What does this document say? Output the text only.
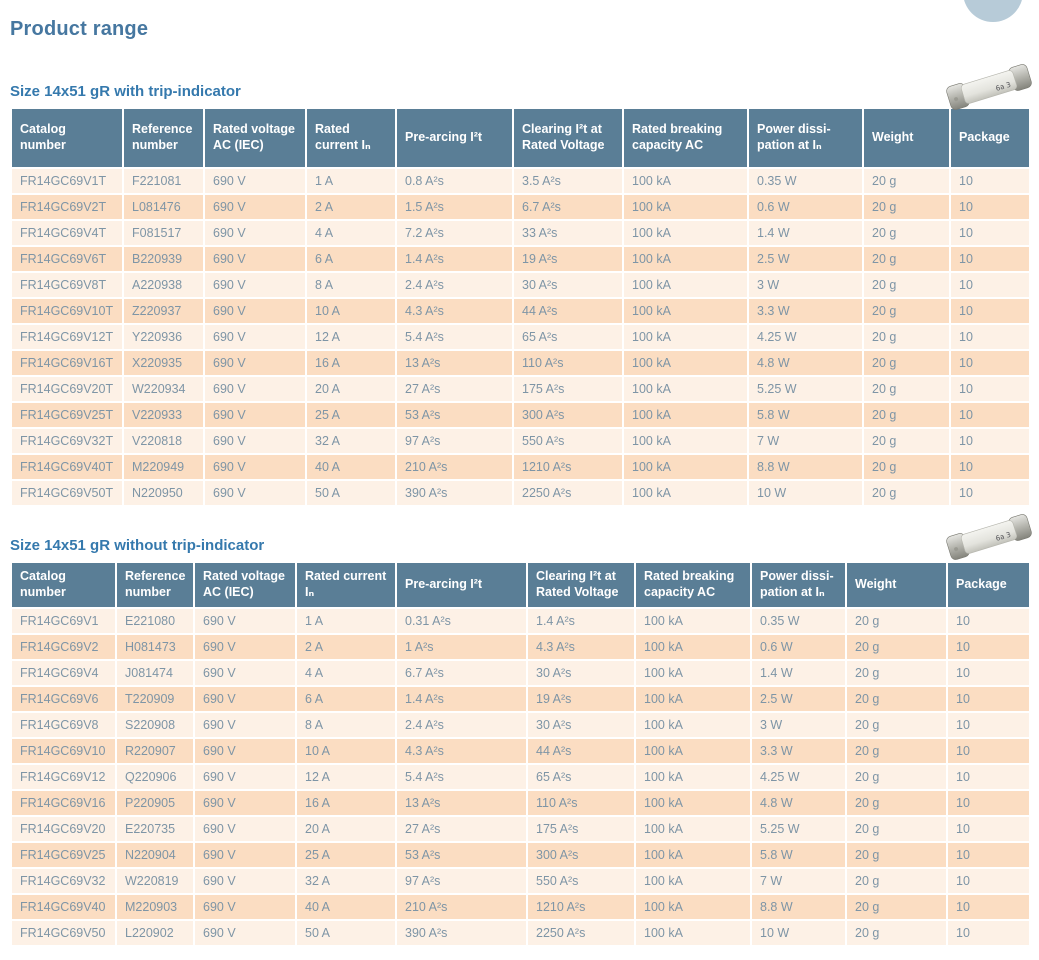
Product range
6a 3
Size 14x51 gR with trip-indicator
Catalog number	Reference number	Rated voltage AC (IEC)	Rated current Iₙ	Pre-arcing I²t	Clearing I²t at Rated Voltage	Rated breaking capacity AC	Power dissi-pation at Iₙ	Weight	Package
FR14GC69V1T	F221081	690 V	1 A	0.8 A²s	3.5 A²s	100 kA	0.35 W	20 g	10
FR14GC69V2T	L081476	690 V	2 A	1.5 A²s	6.7 A²s	100 kA	0.6 W	20 g	10
FR14GC69V4T	F081517	690 V	4 A	7.2 A²s	33 A²s	100 kA	1.4 W	20 g	10
FR14GC69V6T	B220939	690 V	6 A	1.4 A²s	19 A²s	100 kA	2.5 W	20 g	10
FR14GC69V8T	A220938	690 V	8 A	2.4 A²s	30 A²s	100 kA	3 W	20 g	10
FR14GC69V10T	Z220937	690 V	10 A	4.3 A²s	44 A²s	100 kA	3.3 W	20 g	10
FR14GC69V12T	Y220936	690 V	12 A	5.4 A²s	65 A²s	100 kA	4.25 W	20 g	10
FR14GC69V16T	X220935	690 V	16 A	13 A²s	110 A²s	100 kA	4.8 W	20 g	10
FR14GC69V20T	W220934	690 V	20 A	27 A²s	175 A²s	100 kA	5.25 W	20 g	10
FR14GC69V25T	V220933	690 V	25 A	53 A²s	300 A²s	100 kA	5.8 W	20 g	10
FR14GC69V32T	V220818	690 V	32 A	97 A²s	550 A²s	100 kA	7 W	20 g	10
FR14GC69V40T	M220949	690 V	40 A	210 A²s	1210 A²s	100 kA	8.8 W	20 g	10
FR14GC69V50T	N220950	690 V	50 A	390 A²s	2250 A²s	100 kA	10 W	20 g	10
6a 3
Size 14x51 gR without trip-indicator
Catalog number	Reference number	Rated voltage AC (IEC)	Rated current Iₙ	Pre-arcing I²t	Clearing I²t at Rated Voltage	Rated breaking capacity AC	Power dissi-pation at Iₙ	Weight	Package
FR14GC69V1	E221080	690 V	1 A	0.31 A²s	1.4 A²s	100 kA	0.35 W	20 g	10
FR14GC69V2	H081473	690 V	2 A	1 A²s	4.3 A²s	100 kA	0.6 W	20 g	10
FR14GC69V4	J081474	690 V	4 A	6.7 A²s	30 A²s	100 kA	1.4 W	20 g	10
FR14GC69V6	T220909	690 V	6 A	1.4 A²s	19 A²s	100 kA	2.5 W	20 g	10
FR14GC69V8	S220908	690 V	8 A	2.4 A²s	30 A²s	100 kA	3 W	20 g	10
FR14GC69V10	R220907	690 V	10 A	4.3 A²s	44 A²s	100 kA	3.3 W	20 g	10
FR14GC69V12	Q220906	690 V	12 A	5.4 A²s	65 A²s	100 kA	4.25 W	20 g	10
FR14GC69V16	P220905	690 V	16 A	13 A²s	110 A²s	100 kA	4.8 W	20 g	10
FR14GC69V20	E220735	690 V	20 A	27 A²s	175 A²s	100 kA	5.25 W	20 g	10
FR14GC69V25	N220904	690 V	25 A	53 A²s	300 A²s	100 kA	5.8 W	20 g	10
FR14GC69V32	W220819	690 V	32 A	97 A²s	550 A²s	100 kA	7 W	20 g	10
FR14GC69V40	M220903	690 V	40 A	210 A²s	1210 A²s	100 kA	8.8 W	20 g	10
FR14GC69V50	L220902	690 V	50 A	390 A²s	2250 A²s	100 kA	10 W	20 g	10
